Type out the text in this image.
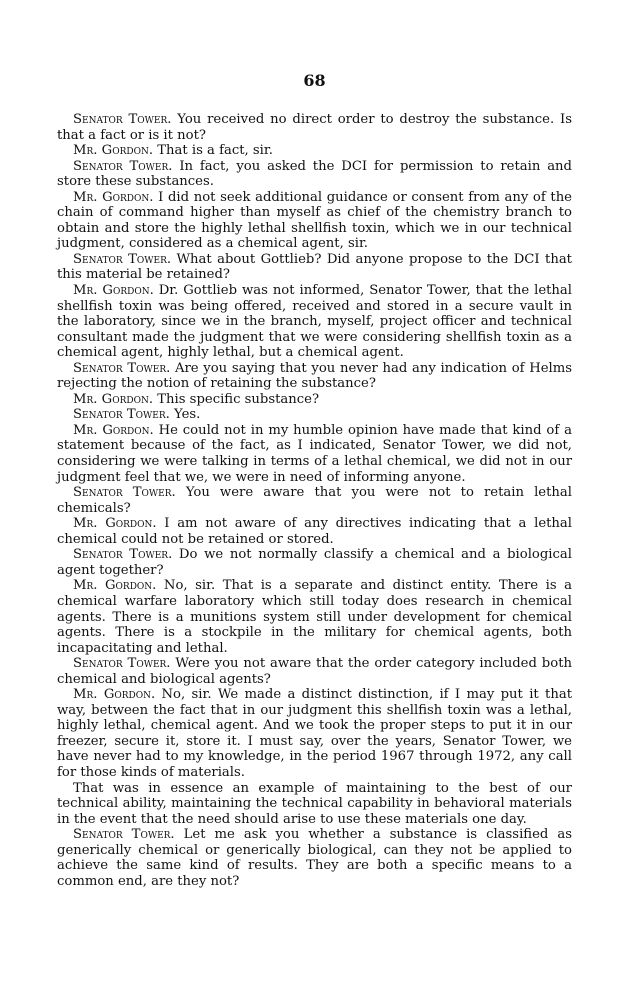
68

Senator Tower. You received no direct order to destroy the substance. Is that a fact or is it not?

Mr. Gordon. That is a fact, sir.

Senator Tower. In fact, you asked the DCI for permission to retain and store these substances.

Mr. Gordon. I did not seek additional guidance or consent from any of the chain of command higher than myself as chief of the chemistry branch to obtain and store the highly lethal shellfish toxin, which we in our technical judgment, considered as a chemical agent, sir.

Senator Tower. What about Gottlieb? Did anyone propose to the DCI that this material be retained?

Mr. Gordon. Dr. Gottlieb was not informed, Senator Tower, that the lethal shellfish toxin was being offered, received and stored in a secure vault in the laboratory, since we in the branch, myself, project officer and technical consultant made the judgment that we were considering shellfish toxin as a chemical agent, highly lethal, but a chemical agent.

Senator Tower. Are you saying that you never had any indication of Helms rejecting the notion of retaining the substance?

Mr. Gordon. This specific substance?

Senator Tower. Yes.

Mr. Gordon. He could not in my humble opinion have made that kind of a statement because of the fact, as I indicated, Senator Tower, we did not, considering we were talking in terms of a lethal chemical, we did not in our judgment feel that we, we were in need of informing anyone.

Senator Tower. You were aware that you were not to retain lethal chemicals?

Mr. Gordon. I am not aware of any directives indicating that a lethal chemical could not be retained or stored.

Senator Tower. Do we not normally classify a chemical and a biological agent together?

Mr. Gordon. No, sir. That is a separate and distinct entity. There is a chemical warfare laboratory which still today does research in chemical agents. There is a munitions system still under development for chemical agents. There is a stockpile in the military for chemical agents, both incapacitating and lethal.

Senator Tower. Were you not aware that the order category included both chemical and biological agents?

Mr. Gordon. No, sir. We made a distinct distinction, if I may put it that way, between the fact that in our judgment this shellfish toxin was a lethal, highly lethal, chemical agent. And we took the proper steps to put it in our freezer, secure it, store it. I must say, over the years, Senator Tower, we have never had to my knowledge, in the period 1967 through 1972, any call for those kinds of materials.

That was in essence an example of maintaining to the best of our technical ability, maintaining the technical capability in behavioral materials in the event that the need should arise to use these materials one day.

Senator Tower. Let me ask you whether a substance is classified as generically chemical or generically biological, can they not be applied to achieve the same kind of results. They are both a specific means to a common end, are they not?
